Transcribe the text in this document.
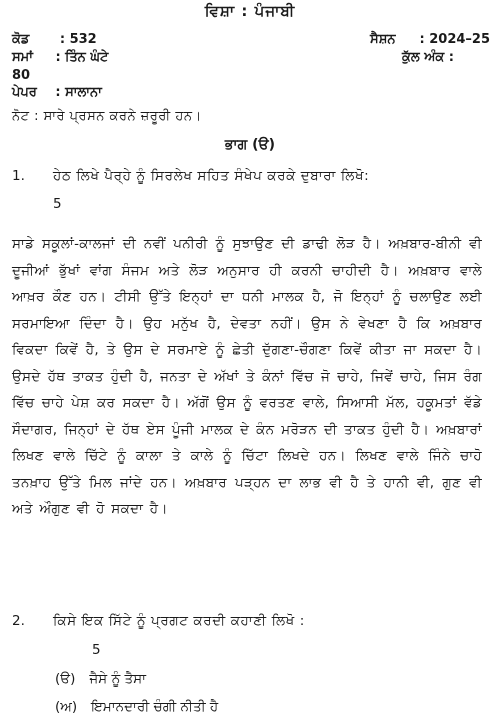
ਵਿਸ਼ਾ : ਪੰਜਾਬੀ
ਕੋਡ : 532	ਸੈਸ਼ਨ : 2024–25
ਸਮਾਂ : ਤਿੰਨ ਘੰਟੇ	ਕੁੱਲ ਅੰਕ :
80
ਪੇਪਰ : ਸਾਲਾਨਾ
ਨੋਟ : ਸਾਰੇ ਪ੍ਰਸਨ ਕਰਨੇ ਜ਼ਰੂਰੀ ਹਨ।
ਭਾਗ (ੳ)
1. ਹੇਠ ਲਿਖੇ ਪੈਰ੍ਹੇ ਨੂੰ ਸਿਰਲੇਖ ਸਹਿਤ ਸੰਖੇਪ ਕਰਕੇ ਦੁਬਾਰਾ ਲਿਖੋ:
5
ਸਾਡੇ ਸਕੂਲਾਂ-ਕਾਲਜਾਂ ਦੀ ਨਵੀਂ ਪਨੀਰੀ ਨੂੰ ਸੁਝਾਉਣ ਦੀ ਡਾਢੀ ਲੋੜ ਹੈ। ਅਖ਼ਬਾਰ-ਬੀਨੀ ਵੀ ਦੂਜੀਆਂ ਭੁੱਖਾਂ ਵਾਂਗ ਸੰਜਮ ਅਤੇ ਲੋੜ ਅਨੁਸਾਰ ਹੀ ਕਰਨੀ ਚਾਹੀਦੀ ਹੈ। ਅਖ਼ਬਾਰ ਵਾਲੇ ਆਖ਼ਰ ਕੌਣ ਹਨ। ਟੀਸੀ ਉੱਤੇ ਇਨ੍ਹਾਂ ਦਾ ਧਨੀ ਮਾਲਕ ਹੈ, ਜੋ ਇਨ੍ਹਾਂ ਨੂੰ ਚਲਾਉਣ ਲਈ ਸਰਮਾਇਆ ਦਿੰਦਾ ਹੈ। ਉਹ ਮਨੁੱਖ ਹੈ, ਦੇਵਤਾ ਨਹੀਂ। ਉਸ ਨੇ ਵੇਖਣਾ ਹੈ ਕਿ ਅਖ਼ਬਾਰ ਵਿਕਦਾ ਕਿਵੇਂ ਹੈ, ਤੇ ਉਸ ਦੇ ਸਰਮਾਏ ਨੂੰ ਛੇਤੀ ਦੁੱਗਣਾ-ਚੌਗਣਾ ਕਿਵੇਂ ਕੀਤਾ ਜਾ ਸਕਦਾ ਹੈ। ਉਸਦੇ ਹੱਥ ਤਾਕਤ ਹੁੰਦੀ ਹੈ, ਜਨਤਾ ਦੇ ਅੱਖਾਂ ਤੇ ਕੰਨਾਂ ਵਿੱਚ ਜੋ ਚਾਹੇ, ਜਿਵੇਂ ਚਾਹੇ, ਜਿਸ ਰੰਗ ਵਿੱਚ ਚਾਹੇ ਪੇਸ਼ ਕਰ ਸਕਦਾ ਹੈ। ਅੱਗੋਂ ਉਸ ਨੂੰ ਵਰਤਣ ਵਾਲੇ, ਸਿਆਸੀ ਮੱਲ, ਹਕੂਮਤਾਂ ਵੱਡੇ ਸੌਦਾਗਰ, ਜਿਨ੍ਹਾਂ ਦੇ ਹੱਥ ਏਸ ਪੂੰਜੀ ਮਾਲਕ ਦੇ ਕੰਨ ਮਰੋੜਨ ਦੀ ਤਾਕਤ ਹੁੰਦੀ ਹੈ। ਅਖ਼ਬਾਰਾਂ ਲਿਖਣ ਵਾਲੇ ਚਿੱਟੇ ਨੂੰ ਕਾਲਾ ਤੇ ਕਾਲੇ ਨੂੰ ਚਿੱਟਾ ਲਿਖਦੇ ਹਨ। ਲਿਖਣ ਵਾਲੇ ਜਿੰਨੇ ਚਾਹੋ ਤਨਖ਼ਾਹ ਉੱਤੇ ਮਿਲ ਜਾਂਦੇ ਹਨ। ਅਖ਼ਬਾਰ ਪੜ੍ਹਨ ਦਾ ਲਾਭ ਵੀ ਹੈ ਤੇ ਹਾਨੀ ਵੀ, ਗੁਣ ਵੀ ਅਤੇ ਔਗੁਣ ਵੀ ਹੋ ਸਕਦਾ ਹੈ।
2. ਕਿਸੇ ਇਕ ਸਿੱਟੇ ਨੂੰ ਪ੍ਰਗਟ ਕਰਦੀ ਕਹਾਣੀ ਲਿਖੋ :
5
(ੳ) ਜੈਸੇ ਨੂੰ ਤੈਸਾ
(ਅ) ਇਮਾਨਦਾਰੀ ਚੰਗੀ ਨੀਤੀ ਹੈ
